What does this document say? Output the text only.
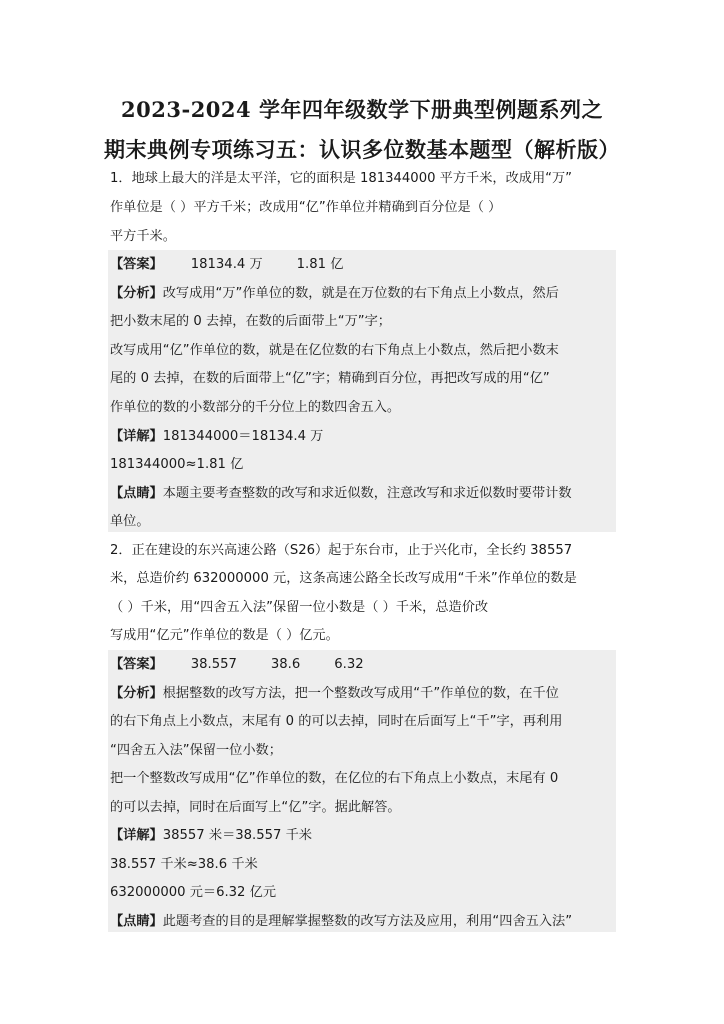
2023-2024 学年四年级数学下册典型例题系列之
期末典例专项练习五：认识多位数基本题型（解析版）
1．地球上最大的洋是太平洋，它的面积是 181344000 平方千米，改成用“万”
作单位是（ ）平方千米；改成用“亿”作单位并精确到百分位是（ ）
平方千米。
【答案】 18134.4 万	1.81 亿
【分析】改写成用“万”作单位的数，就是在万位数的右下角点上小数点，然后
把小数末尾的 0 去掉，在数的后面带上“万”字；
改写成用“亿”作单位的数，就是在亿位数的右下角点上小数点，然后把小数末
尾的 0 去掉，在数的后面带上“亿”字；精确到百分位，再把改写成的用“亿”
作单位的数的小数部分的千分位上的数四舍五入。
【详解】181344000＝18134.4 万
181344000≈1.81 亿
【点睛】本题主要考查整数的改写和求近似数，注意改写和求近似数时要带计数
单位。
2．正在建设的东兴高速公路（S26）起于东台市，止于兴化市，全长约 38557
米，总造价约 632000000 元，这条高速公路全长改写成用“千米”作单位的数是
（ ）千米，用“四舍五入法”保留一位小数是（ ）千米，总造价改
写成用“亿元”作单位的数是（ ）亿元。
【答案】 38.557	38.6	6.32
【分析】根据整数的改写方法，把一个整数改写成用“千”作单位的数，在千位
的右下角点上小数点，末尾有 0 的可以去掉，同时在后面写上“千”字，再利用
“四舍五入法”保留一位小数；
把一个整数改写成用“亿”作单位的数，在亿位的右下角点上小数点，末尾有 0
的可以去掉，同时在后面写上“亿”字。据此解答。
【详解】38557 米＝38.557 千米
38.557 千米≈38.6 千米
632000000 元＝6.32 亿元
【点睛】此题考查的目的是理解掌握整数的改写方法及应用，利用“四舍五入法”
